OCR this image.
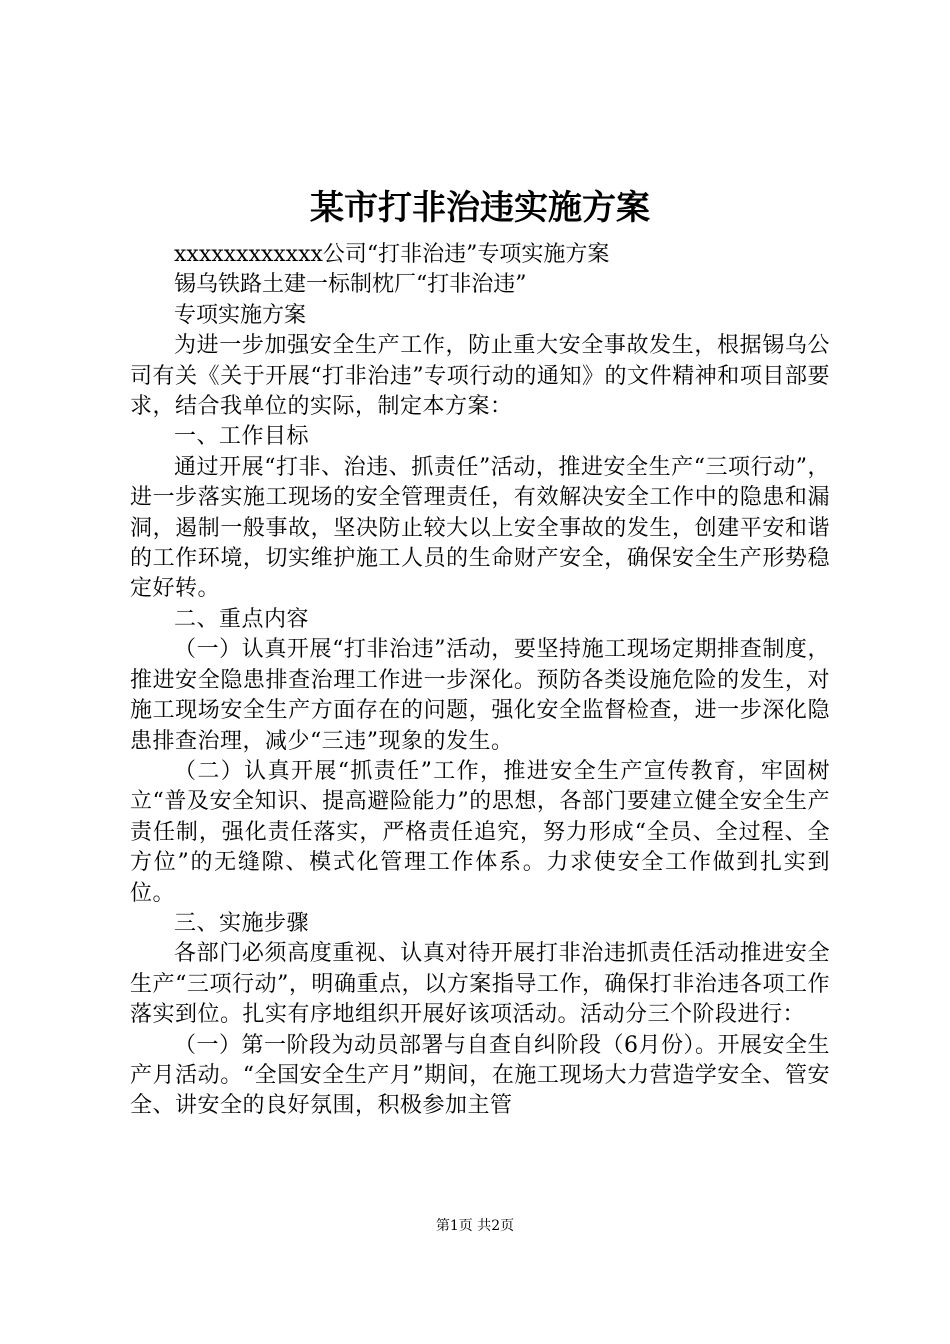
某市打非治违实施方案

xxxxxxxxxxxx公司“打非治违”专项实施方案

锡乌铁路土建一标制枕厂“打非治违”

专项实施方案

为进一步加强安全生产工作，防止重大安全事故发生，根据锡乌公司有关《关于开展“打非治违”专项行动的通知》的文件精神和项目部要求，结合我单位的实际，制定本方案：

一、工作目标

通过开展“打非、治违、抓责任”活动，推进安全生产“三项行动”，进一步落实施工现场的安全管理责任，有效解决安全工作中的隐患和漏洞，遏制一般事故，坚决防止较大以上安全事故的发生，创建平安和谐的工作环境，切实维护施工人员的生命财产安全，确保安全生产形势稳定好转。

二、重点内容

（一）认真开展“打非治违”活动，要坚持施工现场定期排查制度，推进安全隐患排查治理工作进一步深化。预防各类设施危险的发生，对施工现场安全生产方面存在的问题，强化安全监督检查，进一步深化隐患排查治理，减少“三违”现象的发生。

（二）认真开展“抓责任”工作，推进安全生产宣传教育，牢固树立“普及安全知识、提高避险能力”的思想，各部门要建立健全安全生产责任制，强化责任落实，严格责任追究，努力形成“全员、全过程、全方位”的无缝隙、模式化管理工作体系。力求使安全工作做到扎实到位。

三、实施步骤

各部门必须高度重视、认真对待开展打非治违抓责任活动推进安全生产“三项行动”，明确重点，以方案指导工作，确保打非治违各项工作落实到位。扎实有序地组织开展好该项活动。活动分三个阶段进行：

（一）第一阶段为动员部署与自查自纠阶段（6月份）。开展安全生产月活动。“全国安全生产月”期间，在施工现场大力营造学安全、管安全、讲安全的良好氛围，积极参加主管

第1页 共2页
